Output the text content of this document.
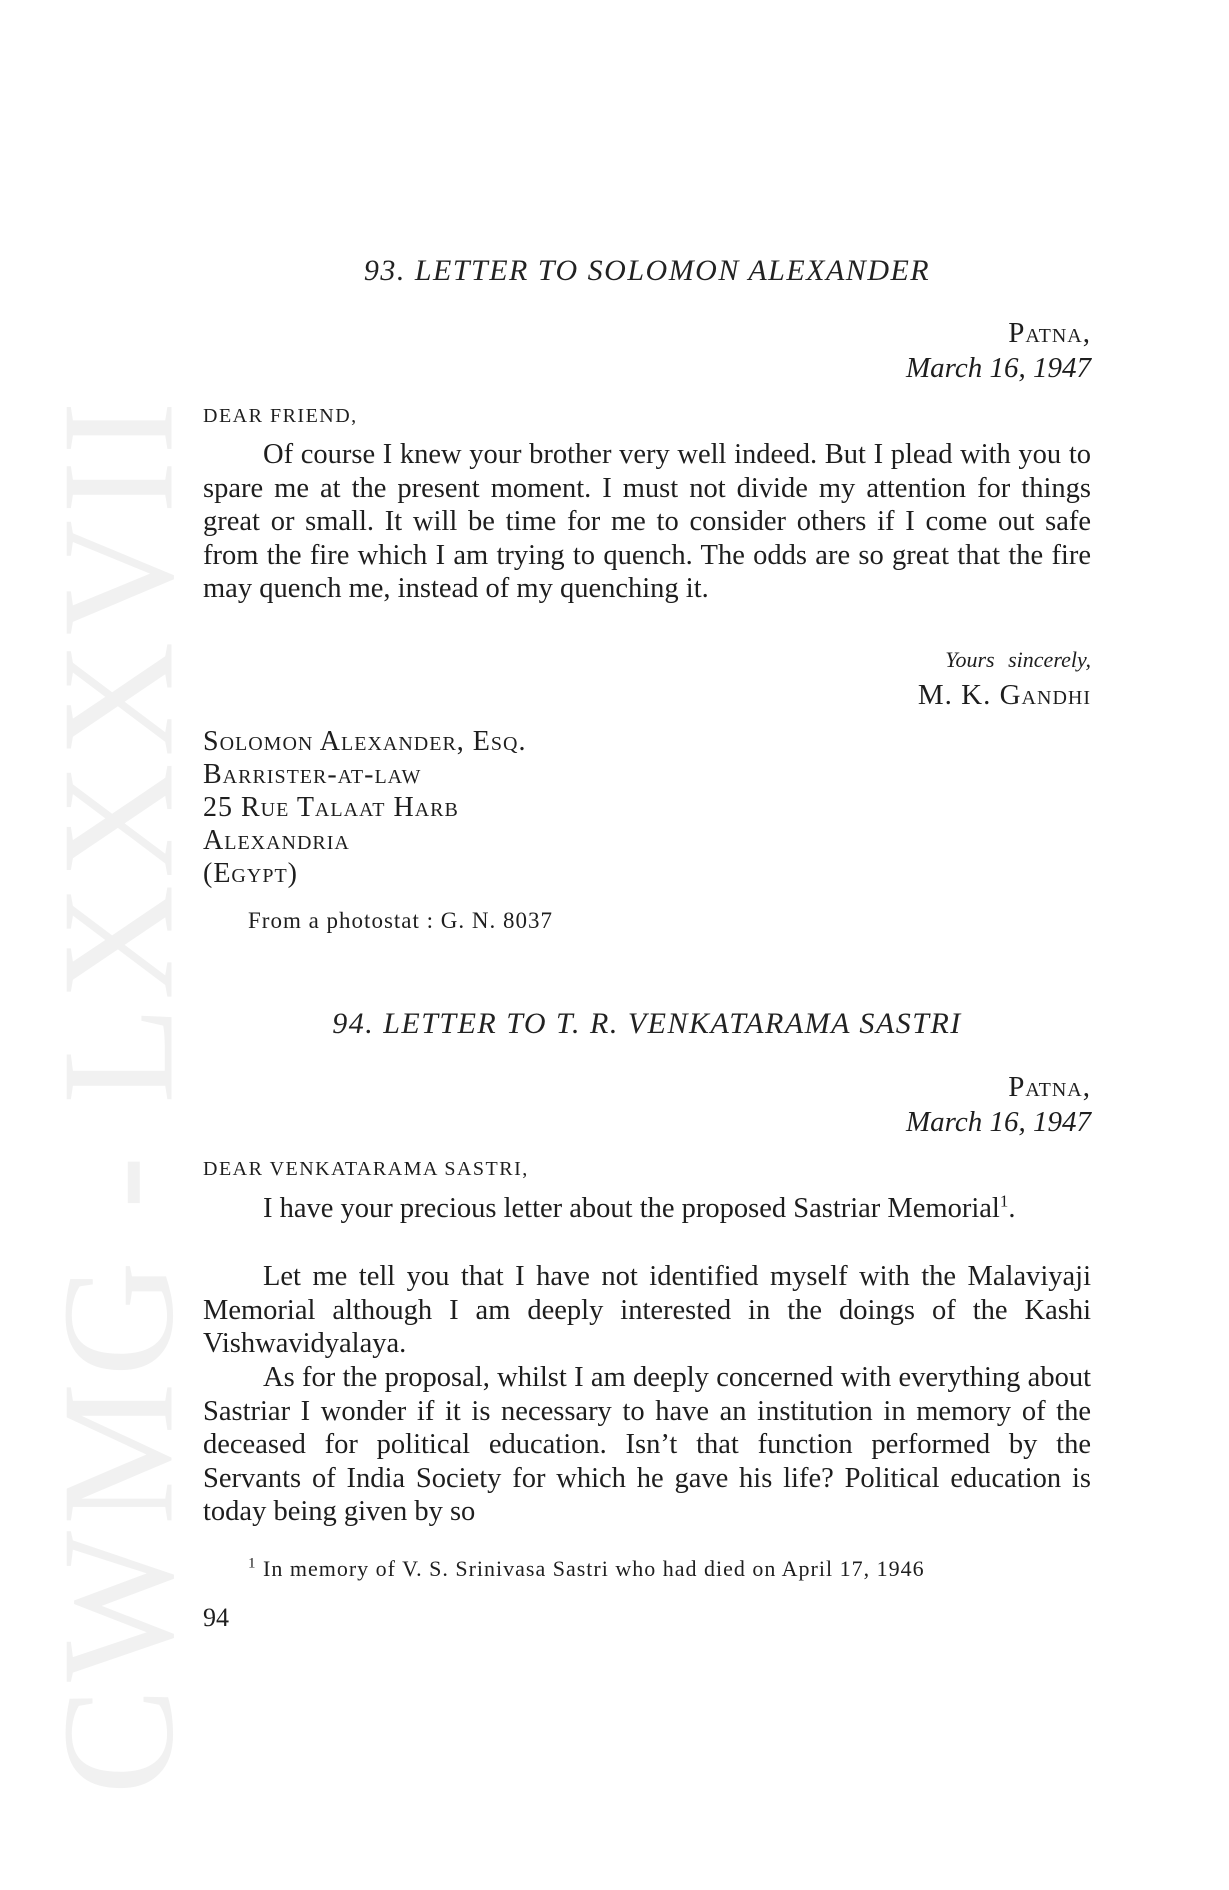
CWMG - LXXXVII
93. LETTER TO SOLOMON ALEXANDER
Patna,
March 16, 1947
DEAR FRIEND,

Of course I knew your brother very well indeed. But I plead with you to spare me at the present moment. I must not divide my attention for things great or small. It will be time for me to consider others if I come out safe from the fire which I am trying to quench. The odds are so great that the fire may quench me, instead of my quenching it.

Yours sincerely,
M. K. Gandhi
Solomon Alexander, Esq.
Barrister-at-law
25 Rue Talaat Harb
Alexandria
(Egypt)
From a photostat : G. N. 8037
94. LETTER TO T. R. VENKATARAMA SASTRI
Patna,
March 16, 1947
DEAR VENKATARAMA SASTRI,

I have your precious letter about the proposed Sastriar Memorial$^1$.

Let me tell you that I have not identified myself with the Malaviyaji Memorial although I am deeply interested in the doings of the Kashi Vishwavidyalaya.

As for the proposal, whilst I am deeply concerned with everything about Sastriar I wonder if it is necessary to have an institution in memory of the deceased for political education. Isn’t that function performed by the Servants of India Society for which he gave his life? Political education is today being given by so

$^1$ In memory of V. S. Srinivasa Sastri who had died on April 17, 1946
94
